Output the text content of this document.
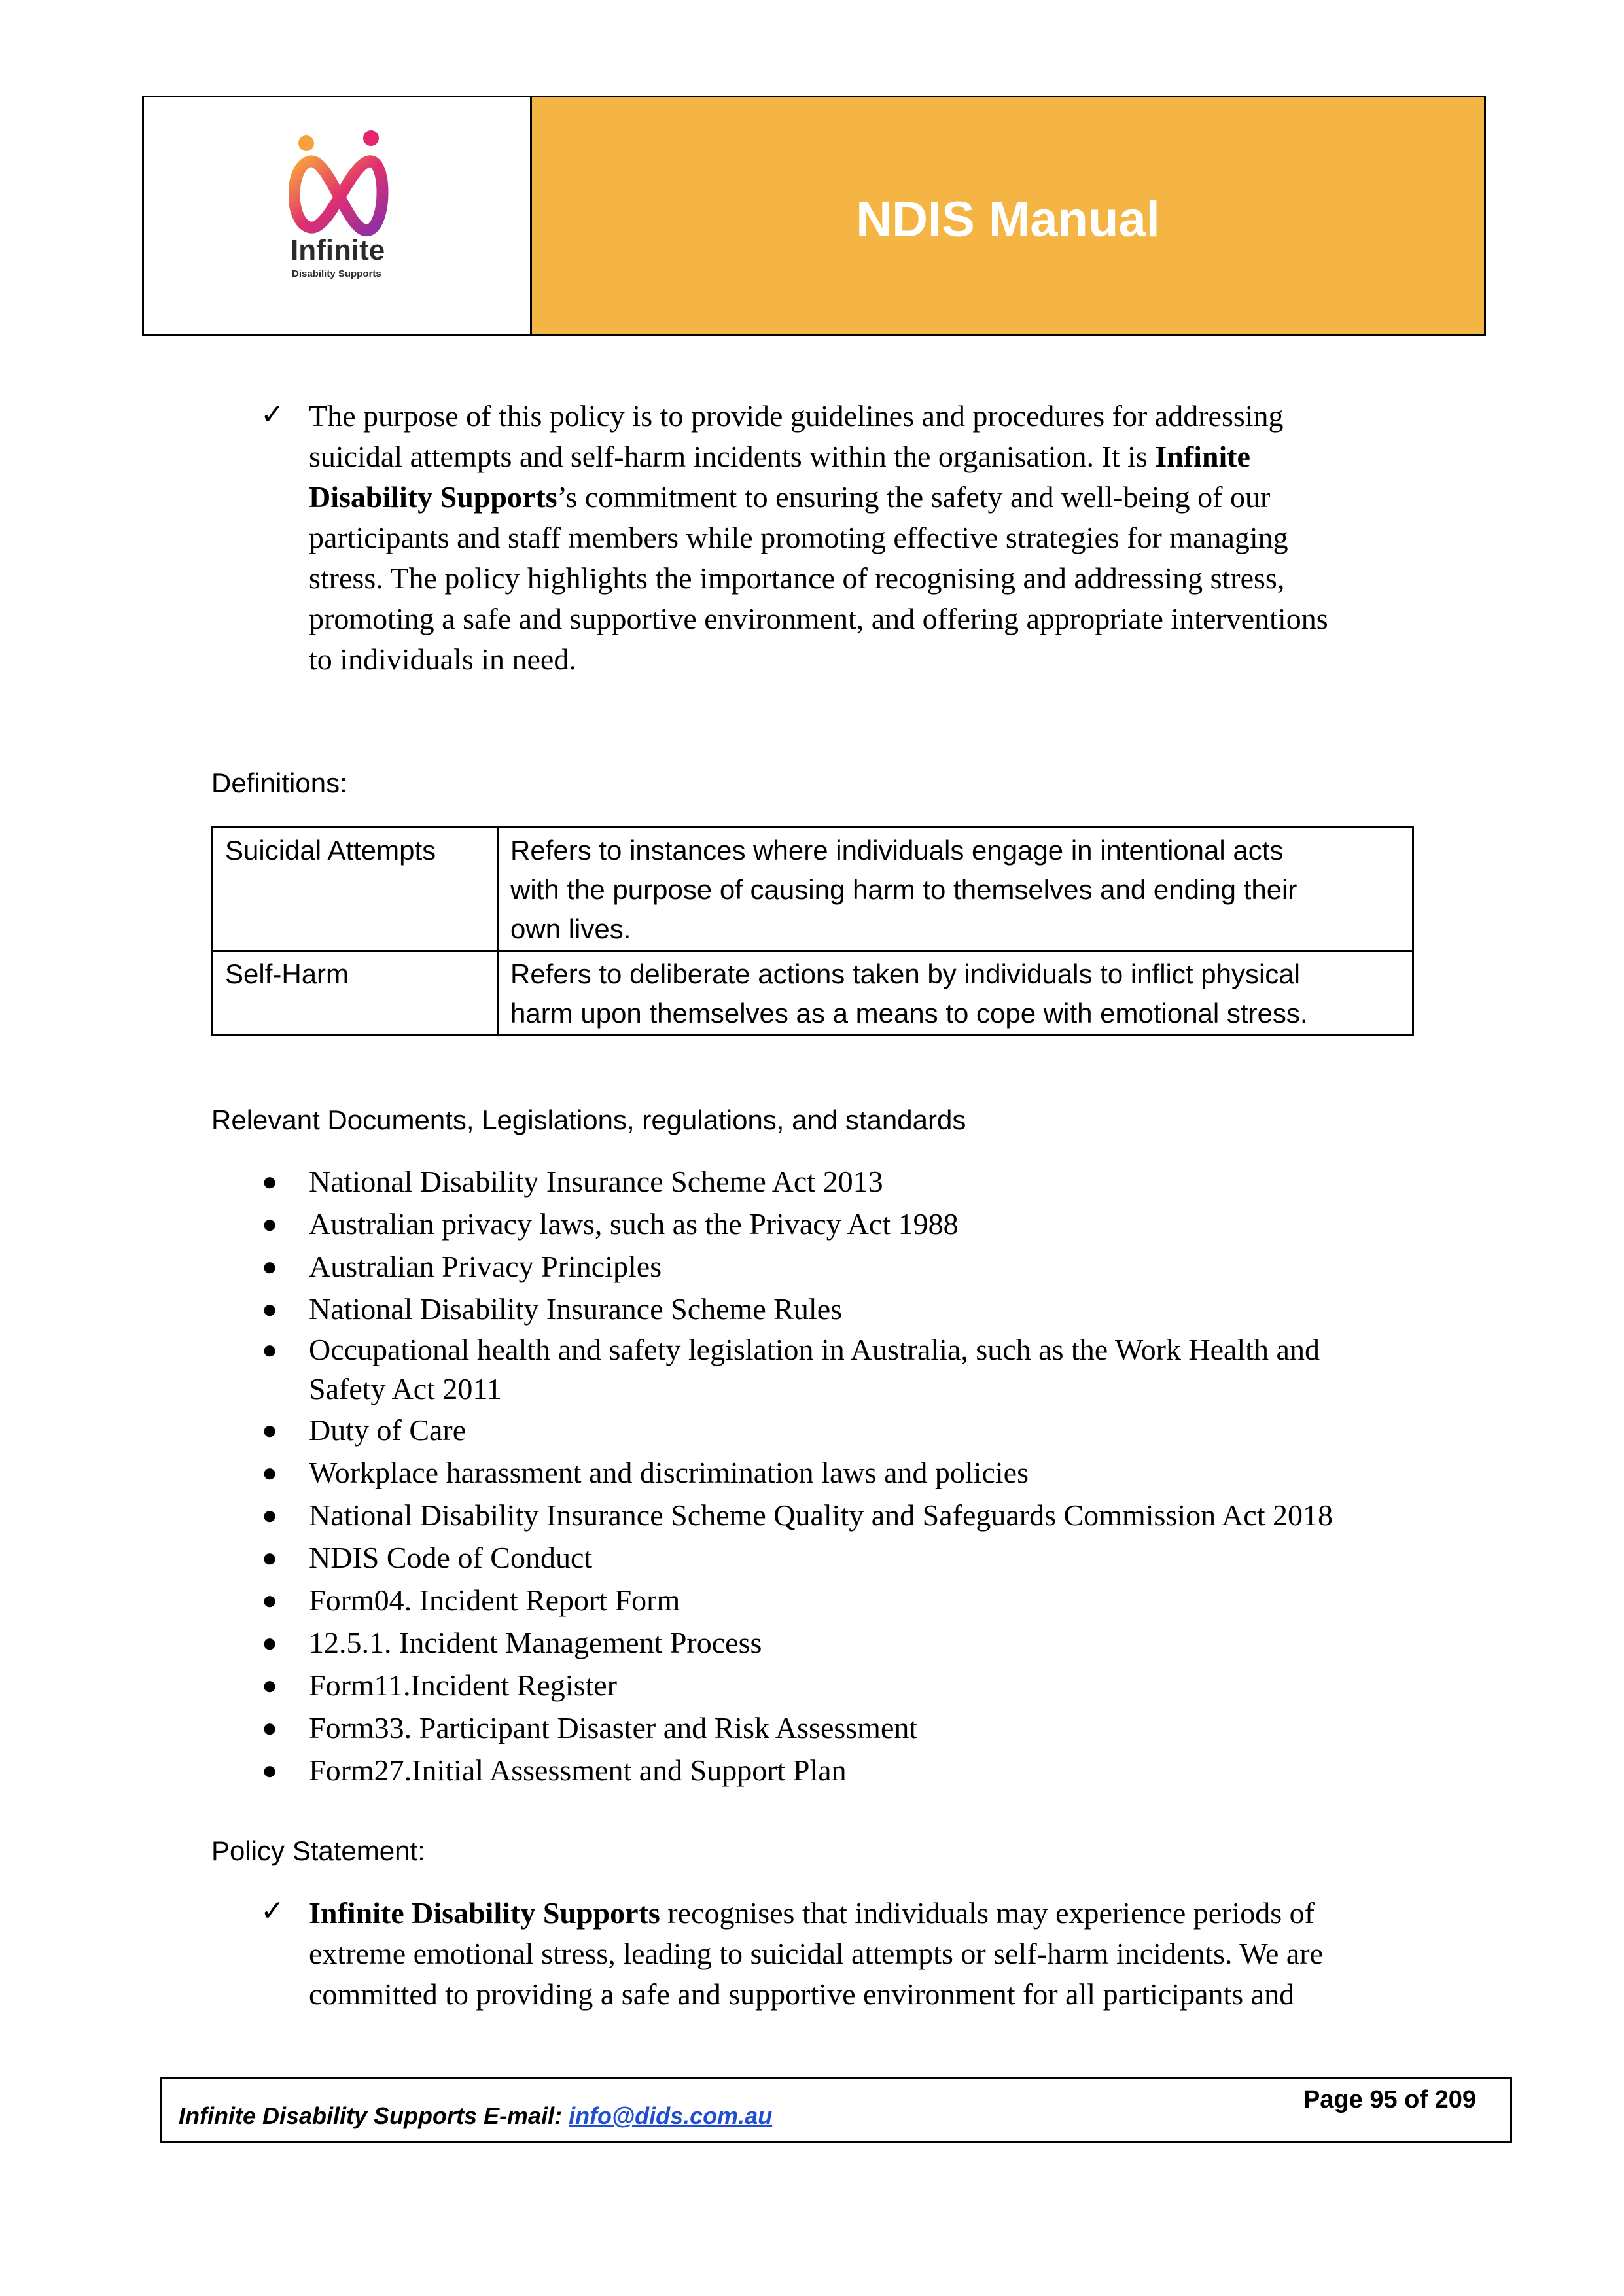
Infinite
Disability Supports
NDIS Manual
✓ The purpose of this policy is to provide guidelines and procedures for addressing
suicidal attempts and self-harm incidents within the organisation. It is Infinite
Disability Supports’s commitment to ensuring the safety and well-being of our
participants and staff members while promoting effective strategies for managing
stress. The policy highlights the importance of recognising and addressing stress,
promoting a safe and supportive environment, and offering appropriate interventions
to individuals in need.
Definitions:
Suicidal Attempts	Refers to instances where individuals engage in intentional acts
with the purpose of causing harm to themselves and ending their
own lives.

Self-Harm	Refers to deliberate actions taken by individuals to inflict physical
harm upon themselves as a means to cope with emotional stress.
Relevant Documents, Legislations, regulations, and standards
● National Disability Insurance Scheme Act 2013
● Australian privacy laws, such as the Privacy Act 1988
● Australian Privacy Principles
● National Disability Insurance Scheme Rules
● Occupational health and safety legislation in Australia, such as the Work Health and
Safety Act 2011
● Duty of Care
● Workplace harassment and discrimination laws and policies
● National Disability Insurance Scheme Quality and Safeguards Commission Act 2018
● NDIS Code of Conduct
● Form04. Incident Report Form
● 12.5.1. Incident Management Process
● Form11.Incident Register
● Form33. Participant Disaster and Risk Assessment
● Form27.Initial Assessment and Support Plan
Policy Statement:
✓ Infinite Disability Supports recognises that individuals may experience periods of
extreme emotional stress, leading to suicidal attempts or self-harm incidents. We are
committed to providing a safe and supportive environment for all participants and
Infinite Disability Supports E-mail: info@dids.com.au
Page 95 of 209
